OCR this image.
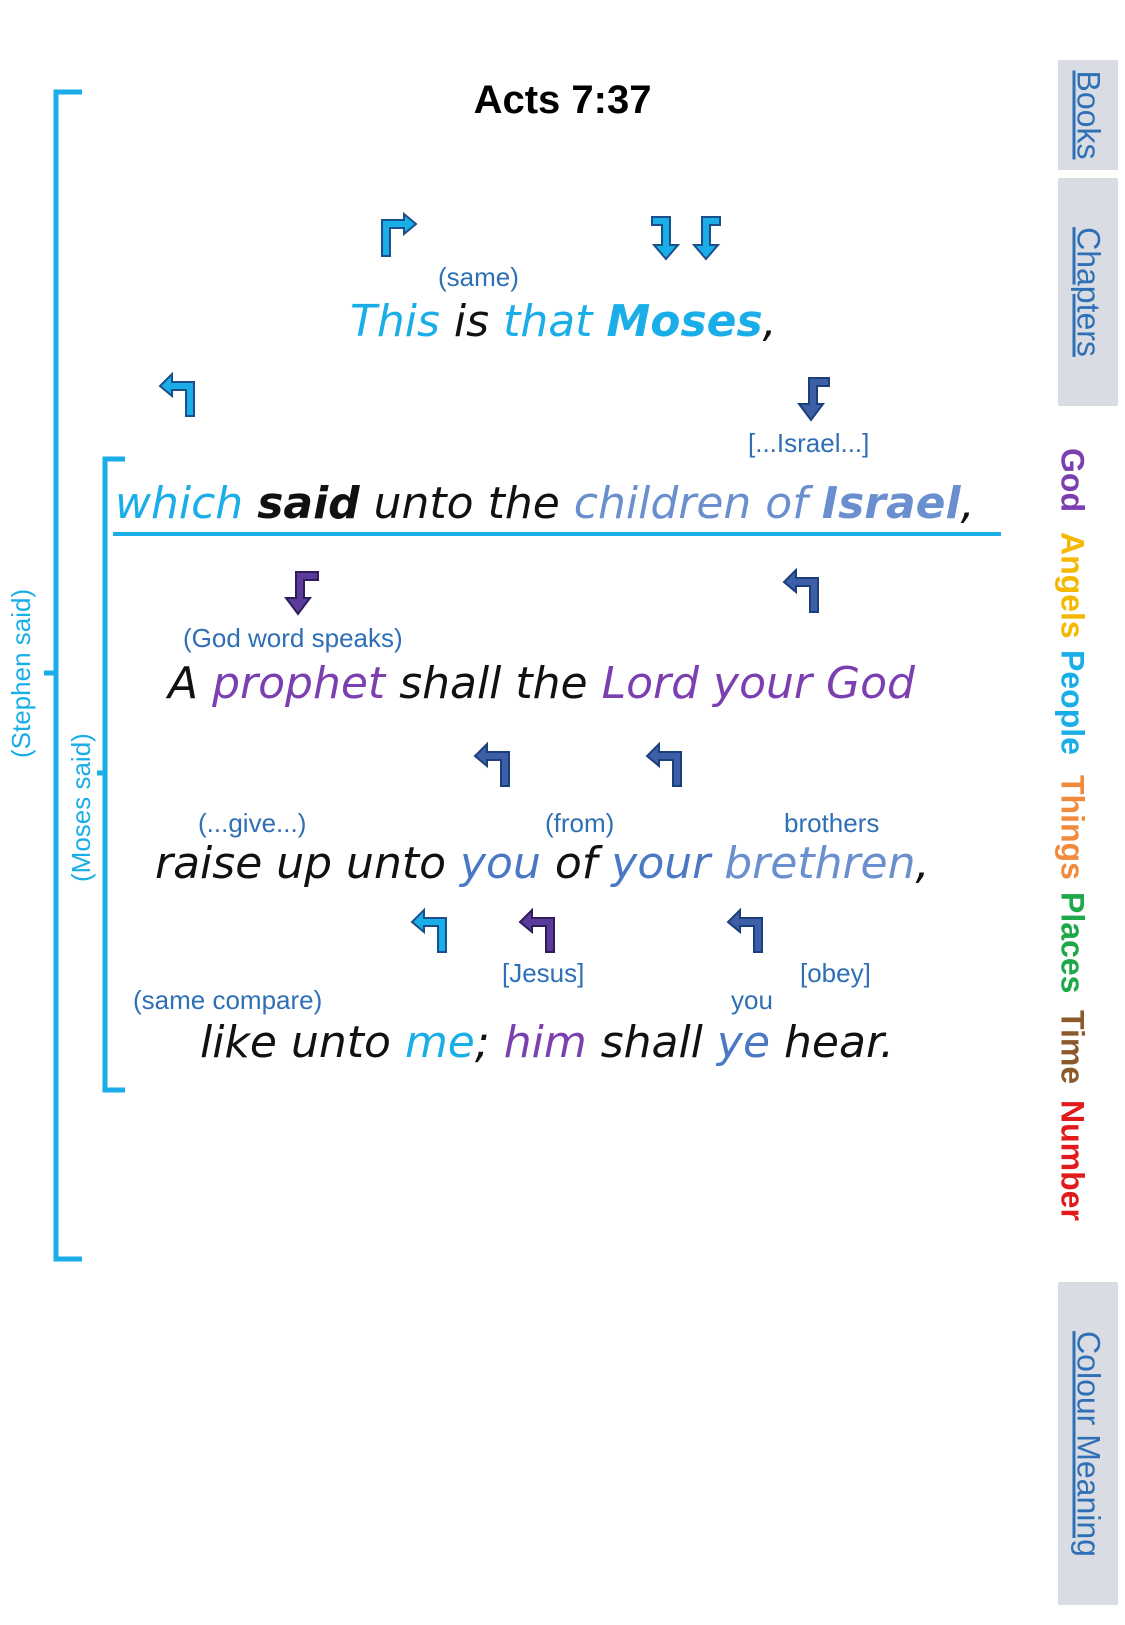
Acts 7:37
(Stephen said)
(Moses said)
(same)
This is that Moses,
[...Israel...]
which said unto the children of Israel,
(God word speaks)
A prophet shall the Lord your God
(...give...)	(from)	brothers
raise up unto you of your brethren,
[Jesus]	[obey]
(same compare)	you
like unto me; him shall ye hear.
Books
Chapters
Colour Meaning
God
Angels
People
Things
Places
Time
Number
